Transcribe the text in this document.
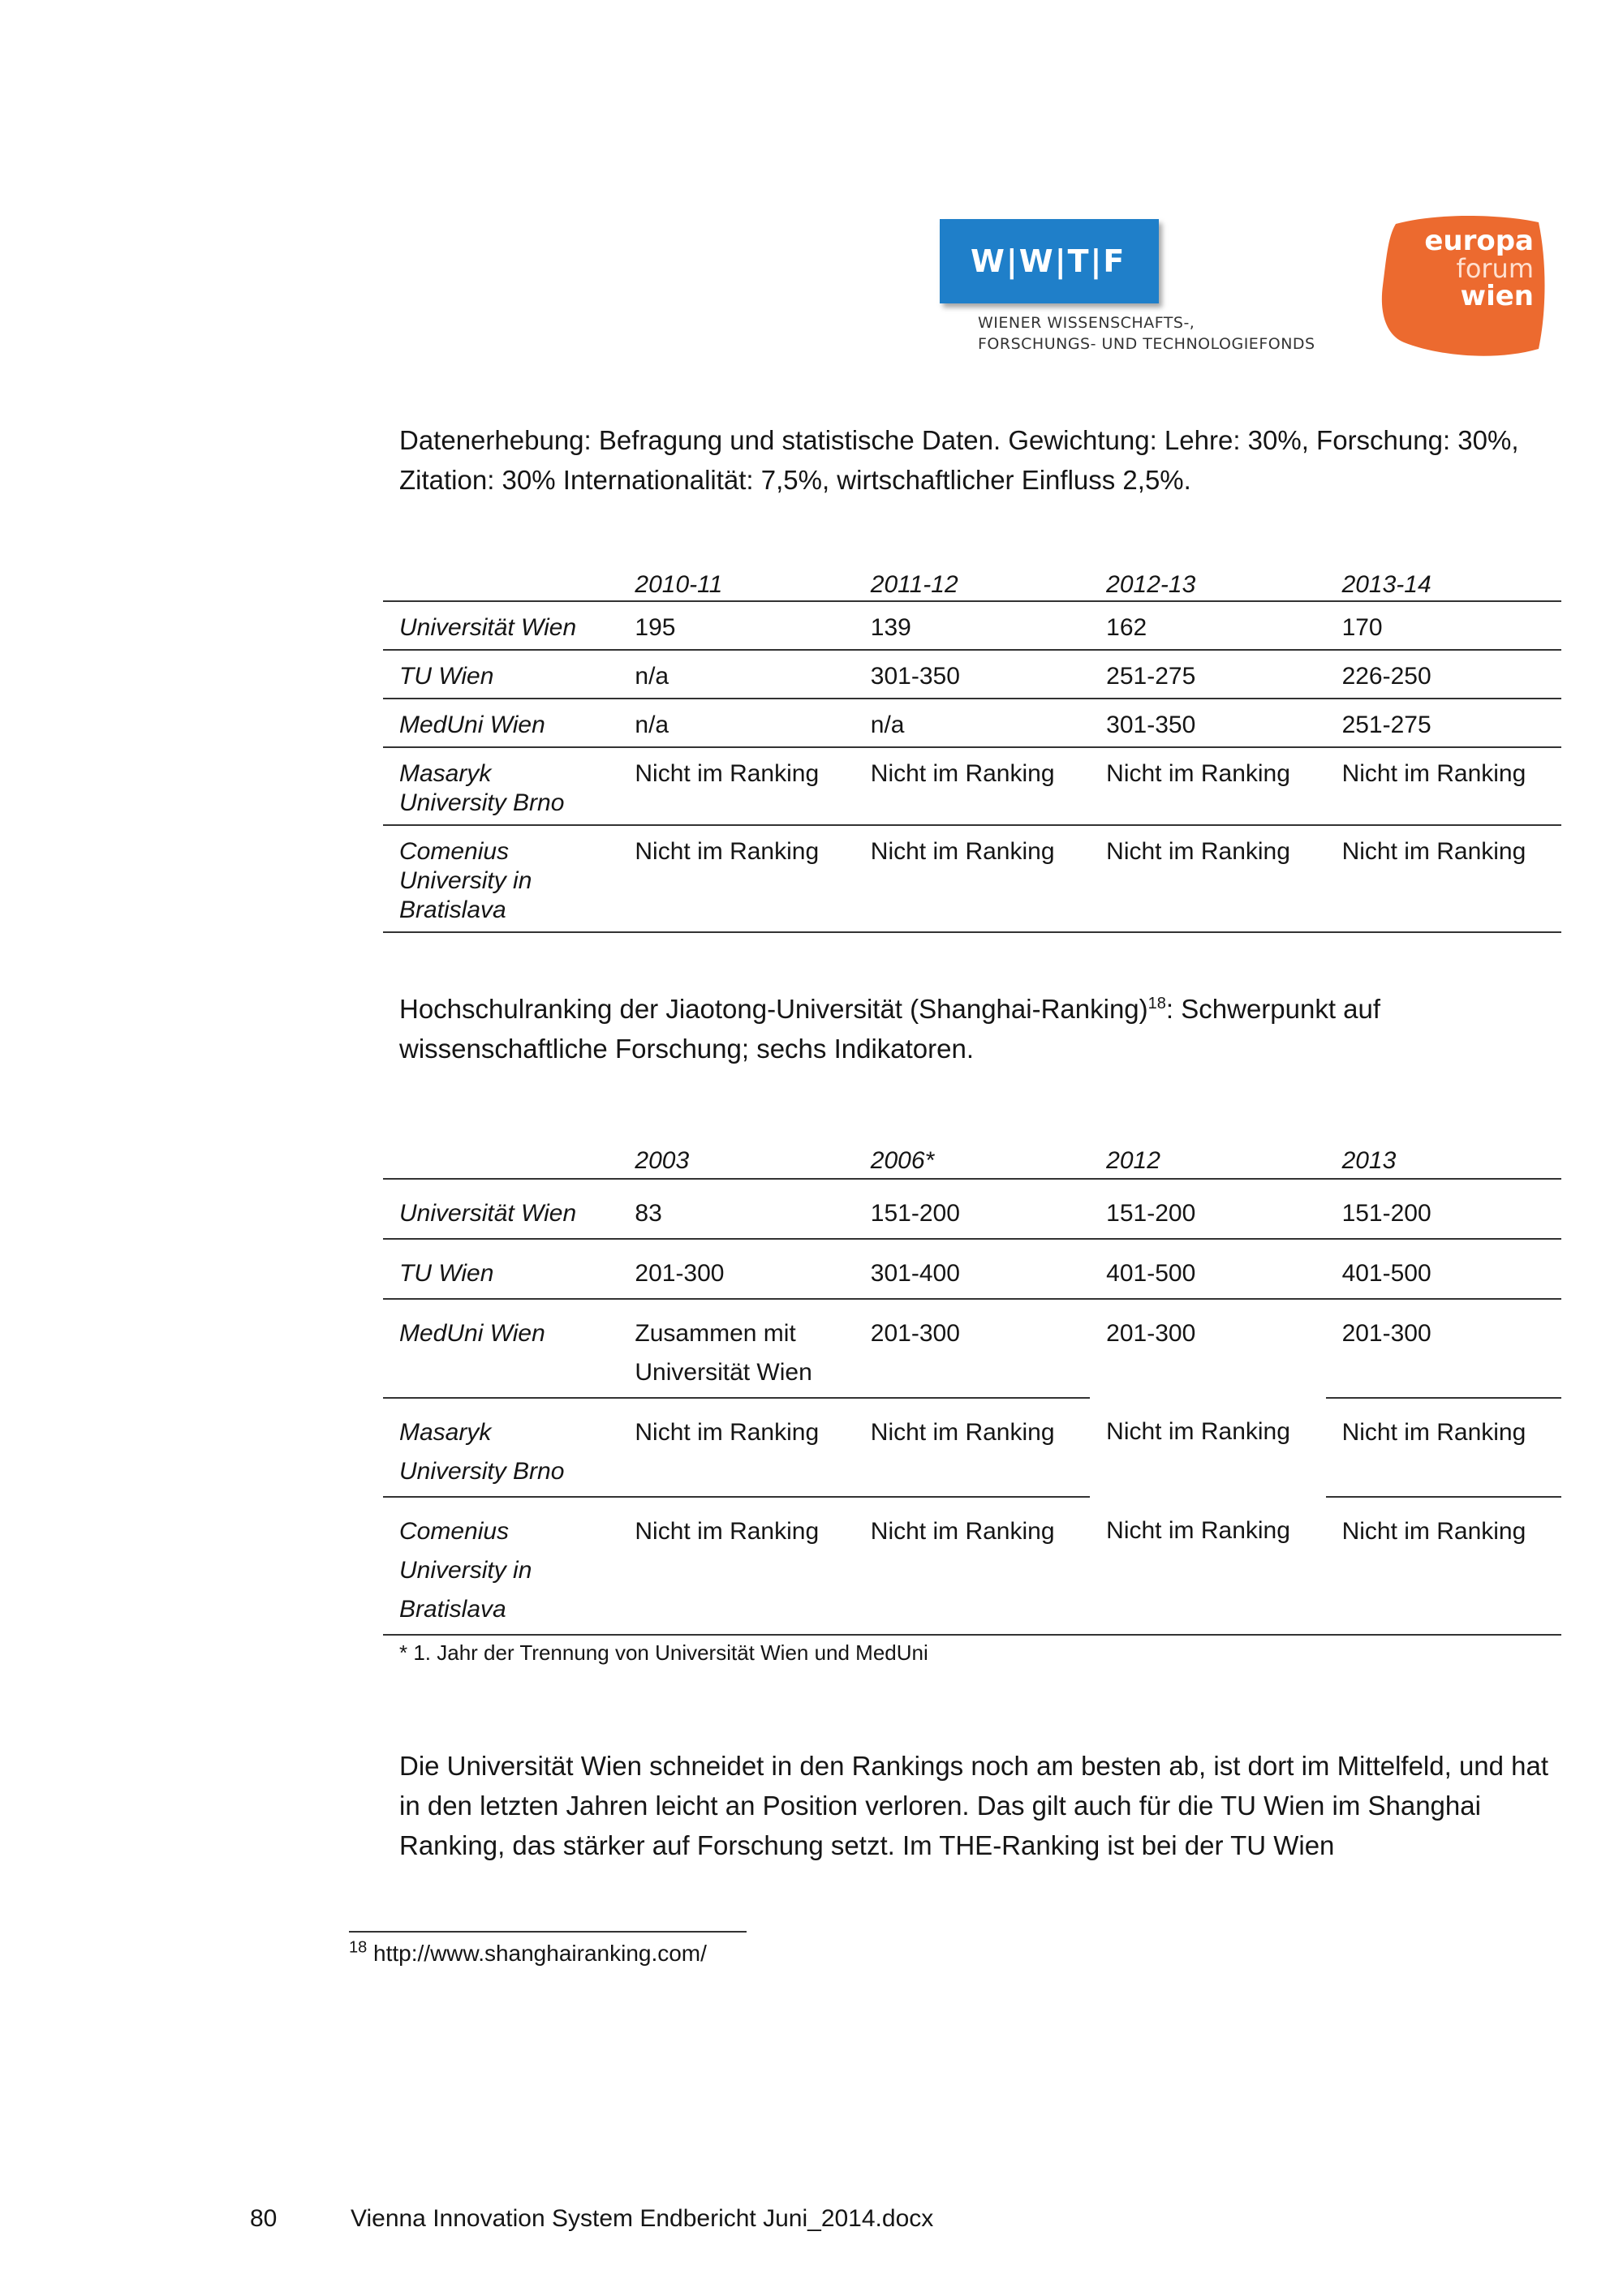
W|W|T|F
WIENER WISSENSCHAFTS-,
FORSCHUNGS- UND TECHNOLOGIEFONDS
europa
forum
wien
Datenerhebung: Befragung und statistische Daten. Gewichtung: Lehre: 30%, Forschung: 30%, Zitation: 30% Internationalität: 7,5%, wirtschaftlicher Einfluss 2,5%.
	2010-11	2011-12	2012-13	2013-14
Universität Wien	195	139	162	170
TU Wien	n/a	301-350	251-275	226-250
MedUni Wien	n/a	n/a	301-350	251-275
Masaryk University Brno	Nicht im Ranking	Nicht im Ranking	Nicht im Ranking	Nicht im Ranking
Comenius University in Bratislava	Nicht im Ranking	Nicht im Ranking	Nicht im Ranking	Nicht im Ranking
Hochschulranking der Jiaotong-Universität (Shanghai-Ranking)$^{18}$: Schwerpunkt auf wissenschaftliche Forschung; sechs Indikatoren.
	2003	2006*	2012	2013
Universität Wien	83	151-200	151-200	151-200
TU Wien	201-300	301-400	401-500	401-500
MedUni Wien	Zusammen mit Universität Wien	201-300	201-300	201-300
Masaryk University Brno	Nicht im Ranking	Nicht im Ranking	Nicht im Ranking	Nicht im Ranking
Comenius University in Bratislava	Nicht im Ranking	Nicht im Ranking	Nicht im Ranking	Nicht im Ranking
* 1. Jahr der Trennung von Universität Wien und MedUni
Die Universität Wien schneidet in den Rankings noch am besten ab, ist dort im Mittelfeld, und hat in den letzten Jahren leicht an Position verloren. Das gilt auch für die TU Wien im Shanghai Ranking, das stärker auf Forschung setzt. Im THE-Ranking ist bei der TU Wien
$^{18}$ http://www.shanghairanking.com/
80	Vienna Innovation System Endbericht Juni_2014.docx
